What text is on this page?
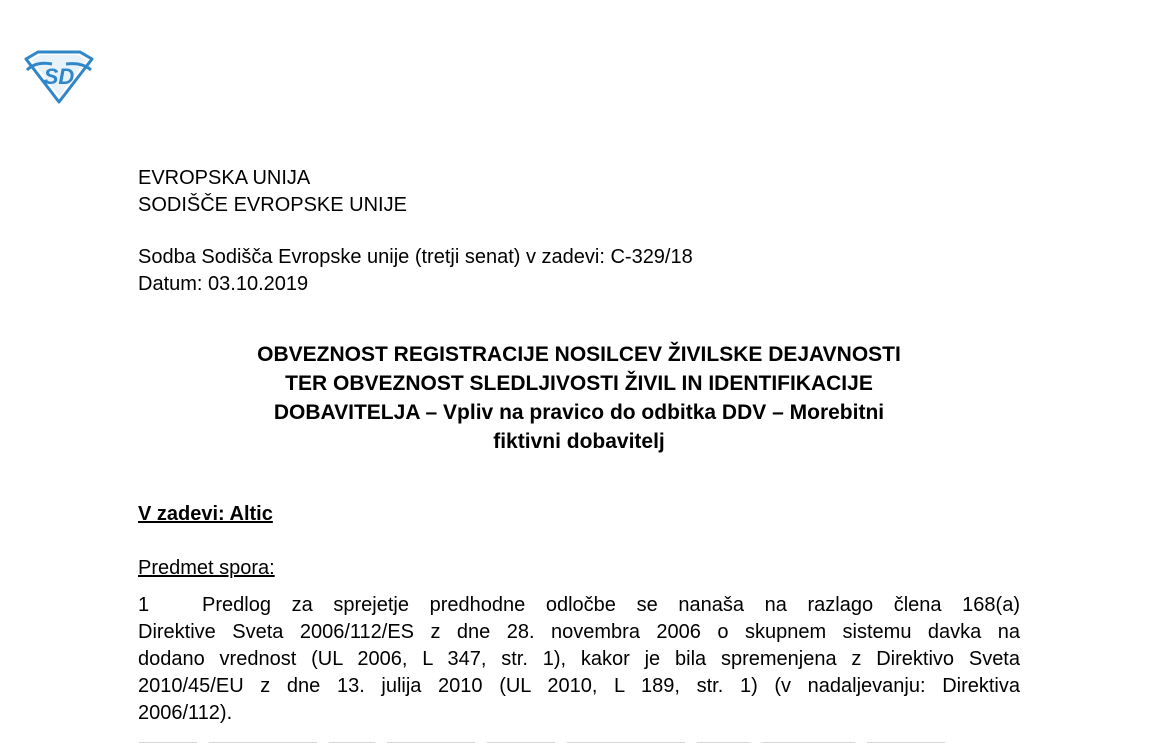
SD
EVROPSKA UNIJA
SODIŠČE EVROPSKE UNIJE
Sodba Sodišča Evropske unije (tretji senat) v zadevi: C-329/18
Datum: 03.10.2019
OBVEZNOST REGISTRACIJE NOSILCEV ŽIVILSKE DEJAVNOSTI
TER OBVEZNOST SLEDLJIVOSTI ŽIVIL IN IDENTIFIKACIJE
DOBAVITELJA – Vpliv na pravico do odbitka DDV – Morebitni
fiktivni dobavitelj
V zadevi: Altic
Predmet spora:
1	Predlog za sprejetje predhodne odločbe se nanaša na razlago člena 168(a)
Direktive Sveta 2006/112/ES z dne 28. novembra 2006 o skupnem sistemu davka na
dodano vrednost (UL 2006, L 347, str. 1), kakor je bila spremenjena z Direktivo Sveta
2010/45/EU z dne 13. julija 2010 (UL 2010, L 189, str. 1) (v nadaljevanju: Direktiva
2006/112).
